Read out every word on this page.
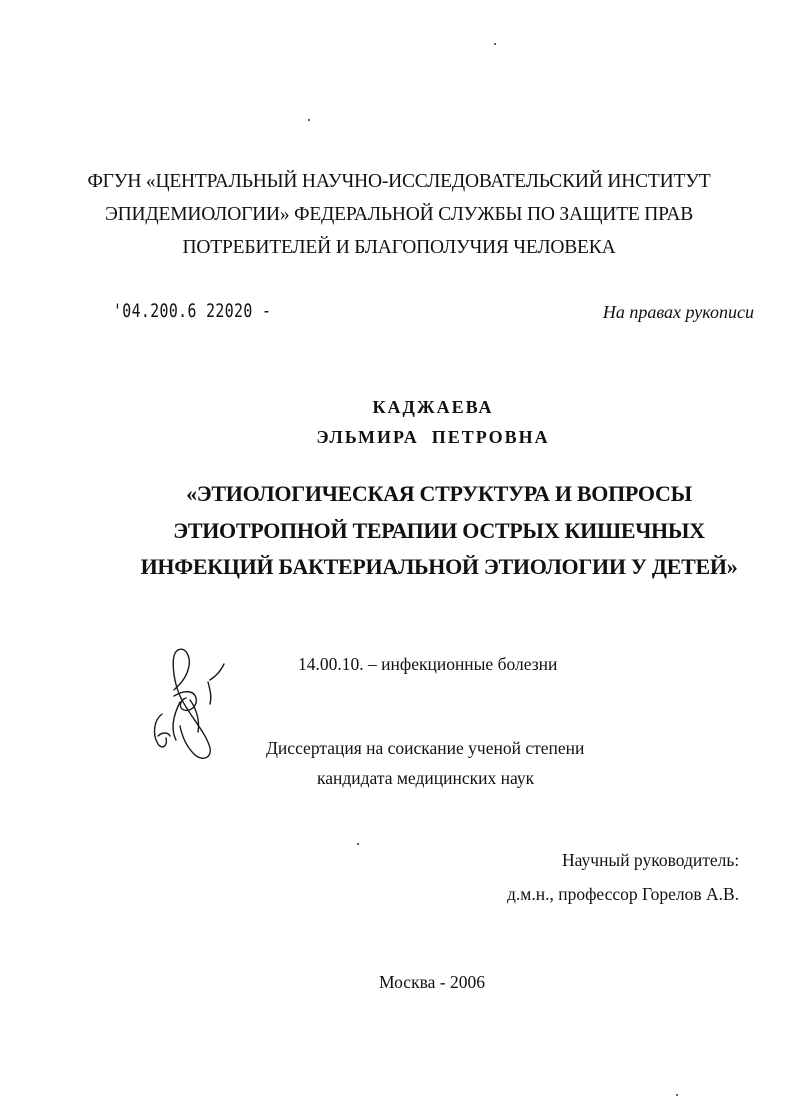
ФГУН «ЦЕНТРАЛЬНЫЙ НАУЧНО-ИССЛЕДОВАТЕЛЬСКИЙ ИНСТИТУТ
ЭПИДЕМИОЛОГИИ» ФЕДЕРАЛЬНОЙ СЛУЖБЫ ПО ЗАЩИТЕ ПРАВ
ПОТРЕБИТЕЛЕЙ И БЛАГОПОЛУЧИЯ ЧЕЛОВЕКА
'04.200.6 22020 -	На правах рукописи
КАДЖАЕВА
ЭЛЬМИРА  ПЕТРОВНА
«ЭТИОЛОГИЧЕСКАЯ СТРУКТУРА И ВОПРОСЫ
ЭТИОТРОПНОЙ ТЕРАПИИ ОСТРЫХ КИШЕЧНЫХ
ИНФЕКЦИЙ БАКТЕРИАЛЬНОЙ ЭТИОЛОГИИ У ДЕТЕЙ»
14.00.10. – инфекционные болезни
Диссертация на соискание ученой степени
кандидата медицинских наук
Научный руководитель:
д.м.н., профессор Горелов А.В.
Москва - 2006
